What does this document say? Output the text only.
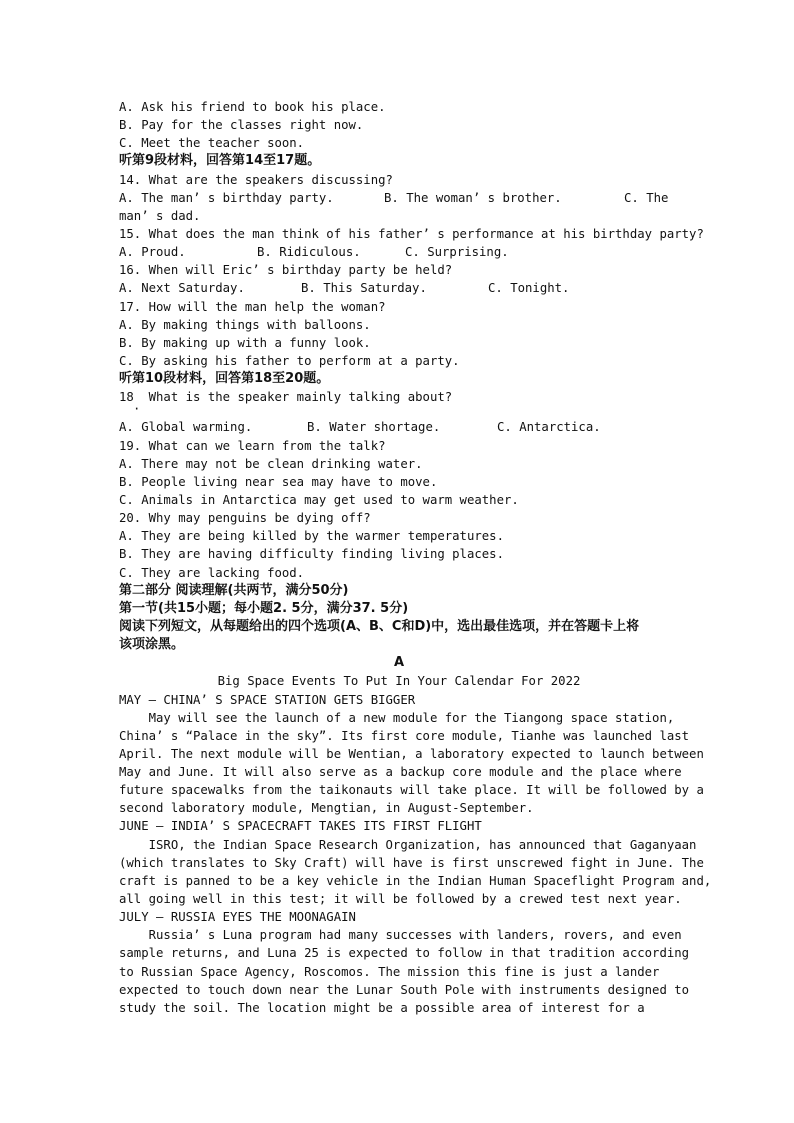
A. Ask his friend to book his place.
B. Pay for the classes right now.
C. Meet the teacher soon.
听第9段材料，回答第14至17题。
14. What are the speakers discussing?
A. The man’ s birthday party.	B. The woman’ s brother.	C. The
man’ s dad.
15. What does the man think of his father’ s performance at his birthday party?
A. Proud.	B. Ridiculous.	C. Surprising.
16. When will Eric’ s birthday party be held?
A. Next Saturday.	B. This Saturday.	C. Tonight.
17. How will the man help the woman?
A. By making things with balloons.
B. By making up with a funny look.
C. By asking his father to perform at a party.
听第10段材料，回答第18至20题。
18  What is the speaker mainly talking about?
·
A. Global warming.	B. Water shortage.	C. Antarctica.
19. What can we learn from the talk?
A. There may not be clean drinking water.
B. People living near sea may have to move.
C. Animals in Antarctica may get used to warm weather.
20. Why may penguins be dying off?
A. They are being killed by the warmer temperatures.
B. They are having difficulty finding living places.
C. They are lacking food.
第二部分 阅读理解(共两节，满分50分)
第一节(共15小题；每小题2. 5分，满分37. 5分)
阅读下列短文，从每题给出的四个选项(A、B、C和D)中，选出最佳选项，并在答题卡上将
该项涂黑。
A
Big Space Events To Put In Your Calendar For 2022
MAY — CHINA’ S SPACE STATION GETS BIGGER
May will see the launch of a new module for the Tiangong space station,
China’ s “Palace in the sky”. Its first core module, Tianhe was launched last
April. The next module will be Wentian, a laboratory expected to launch between
May and June. It will also serve as a backup core module and the place where
future spacewalks from the taikonauts will take place. It will be followed by a
second laboratory module, Mengtian, in August-September.
JUNE — INDIA’ S SPACECRAFT TAKES ITS FIRST FLIGHT
ISRO, the Indian Space Research Organization, has announced that Gaganyaan
(which translates to Sky Craft) will have is first unscrewed fight in June. The
craft is panned to be a key vehicle in the Indian Human Spaceflight Program and,
all going well in this test; it will be followed by a crewed test next year.
JULY — RUSSIA EYES THE MOONAGAIN
Russia’ s Luna program had many successes with landers, rovers, and even
sample returns, and Luna 25 is expected to follow in that tradition according
to Russian Space Agency, Roscomos. The mission this fine is just a lander
expected to touch down near the Lunar South Pole with instruments designed to
study the soil. The location might be a possible area of interest for a
